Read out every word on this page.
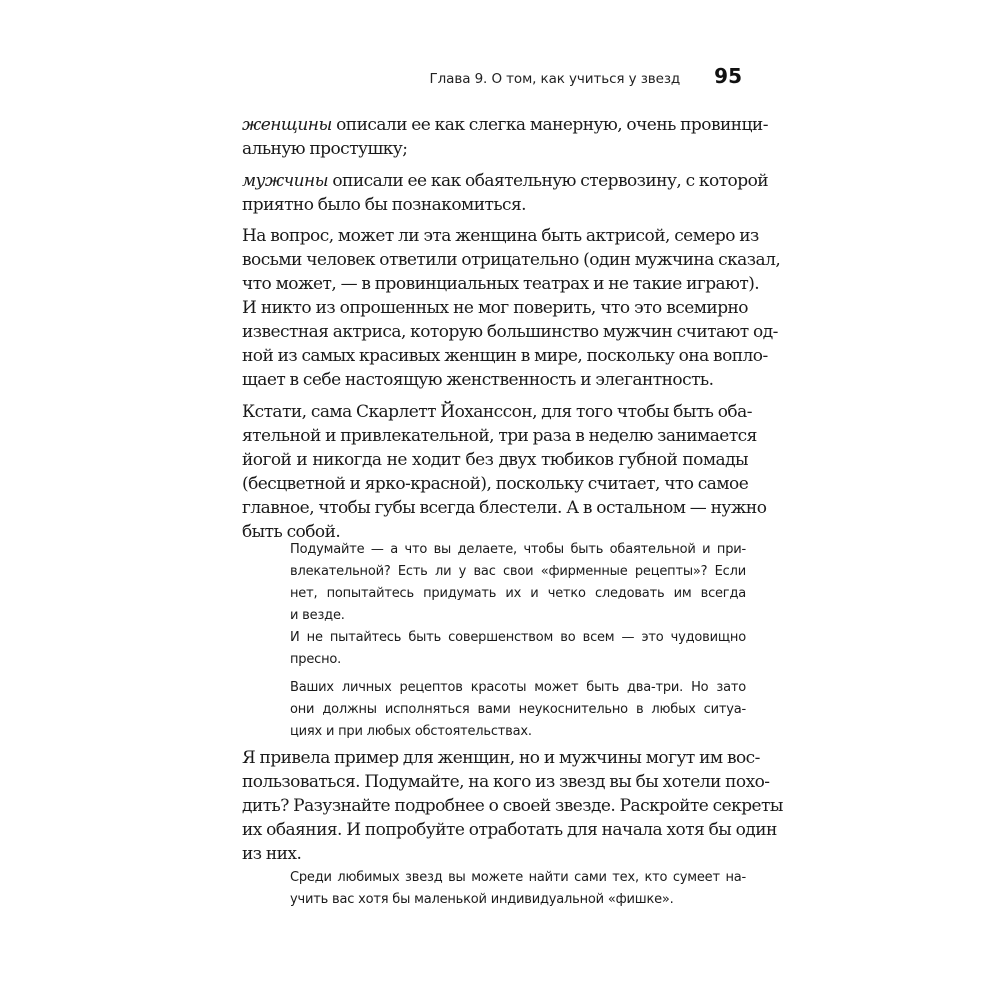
Глава 9. О том, как учиться у звезд 95
женщины описали ее как слегка манерную, очень провинци-
альную простушку;
мужчины описали ее как обаятельную стервозину, с которой
приятно было бы познакомиться.
На вопрос, может ли эта женщина быть актрисой, семеро из
восьми человек ответили отрицательно (один мужчина сказал,
что может, — в провинциальных театрах и не такие играют).
И никто из опрошенных не мог поверить, что это всемирно
известная актриса, которую большинство мужчин считают од-
ной из самых красивых женщин в мире, поскольку она вопло-
щает в себе настоящую женственность и элегантность.
Кстати, сама Скарлетт Йоханссон, для того чтобы быть оба-
ятельной и привлекательной, три раза в неделю занимается
йогой и никогда не ходит без двух тюбиков губной помады
(бесцветной и ярко-красной), поскольку считает, что самое
главное, чтобы губы всегда блестели. А в остальном — нужно
быть собой.
Подумайте — а что вы делаете, чтобы быть обаятельной и при-
влекательной? Есть ли у вас свои «фирменные рецепты»? Если
нет, попытайтесь придумать их и четко следовать им всегда
и везде.
И не пытайтесь быть совершенством во всем — это чудовищно
пресно.
Ваших личных рецептов красоты может быть два-три. Но зато
они должны исполняться вами неукоснительно в любых ситуа-
циях и при любых обстоятельствах.
Я привела пример для женщин, но и мужчины могут им вос-
пользоваться. Подумайте, на кого из звезд вы бы хотели похо-
дить? Разузнайте подробнее о своей звезде. Раскройте секреты
их обаяния. И попробуйте отработать для начала хотя бы один
из них.
Среди любимых звезд вы можете найти сами тех, кто сумеет на-
учить вас хотя бы маленькой индивидуальной «фишке».
